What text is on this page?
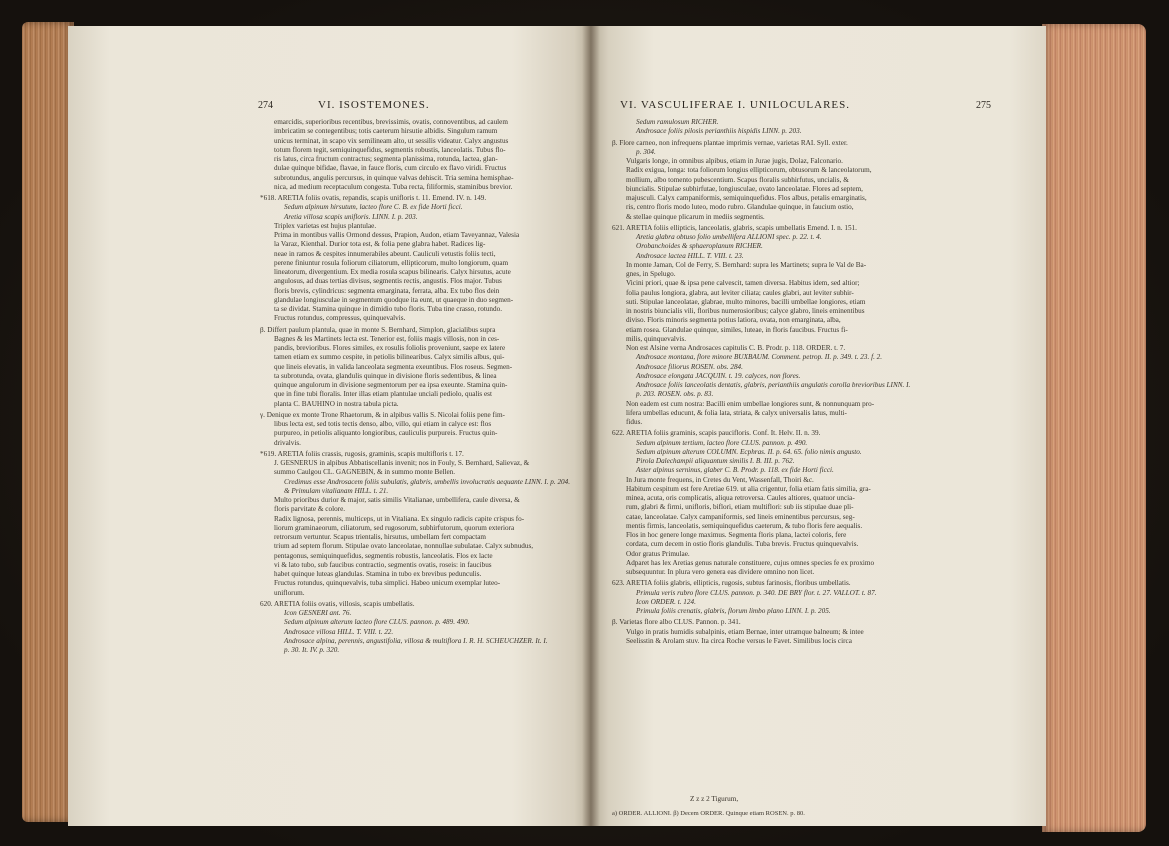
274	VI. ISOSTEMONES.

emarcidis, superioribus recentibus, brevissimis, ovatis, connoventibus, ad caulem

imbricatim se contegentibus; totis caeterum hirsutie albidis. Singulum ramum

unicus terminat, in scapo vix semilineam alto, ut sessilis videatur. Calyx angustus

totum florem tegit, semiquinquefidus, segmentis robustis, lanceolatis. Tubus flo-

ris latus, circa fructum contractus; segmenta planissima, rotunda, lactea, glan-

dulae quinque bifidae, flavae, in fauce floris, cum circulo ex flavo viridi. Fructus

subrotundus, angulis percursus, in quinque valvas dehiscit. Tria semina hemisphae-

nica, ad medium receptaculum congesta. Tuba recta, filiformis, staminibus brevior.

*618. ARETIA foliis ovatis, repandis, scapis unifloris t. 11. Emend. IV. n. 149.

Sedum alpinum hirsutum, lacteo flore C. B. ex fide Horti ficci.

Aretia villosa scapis unifloris. LINN. I. p. 203.

Triplex varietas est hujus plantulae.

Prima in montibus vallis Ormond dessus, Prapion, Audon, etiam Taveyannaz, Valesia

la Varaz, Kienthal. Durior tota est, & folia pene glabra habet. Radices lig-

neae in ramos & cespites innumerabiles abeunt. Cauliculi vetustis foliis tecti,

perene finiuntur rosula foliorum ciliatorum, ellipticorum, multo longiorum, quam

lineatorum, divergentium. Ex media rosula scapus bilinearis. Calyx hirsutus, acute

angulosus, ad duas tertias divisus, segmentis rectis, angustis. Flos major. Tubus

floris brevis, cylindricus: segmenta emarginata, ferrata, alba. Ex tubo flos dein

glandulae longiusculae in segmentum quodque ita eunt, ut quaeque in duo segmen-

ta se dividat. Stamina quinque in dimidio tubo floris. Tuba tine crasso, rotundo.

Fructus rotundus, compressus, quinquevalvis.

β. Differt paulum plantula, quae in monte S. Bernhard, Simplon, glacialibus supra

Bagnes & les Martinets lecta est. Tenerior est, foliis magis villosis, non in ces-

pandis, brevioribus. Flores similes, ex rosulis foliolis proveniunt, saepe ex latere

tamen etiam ex summo cespite, in petiolis bilinearibus. Calyx similis albus, qui-

que lineis elevatis, in valida lanceolata segmenta exeuntibus. Flos roseus. Segmen-

ta subrotunda, ovata, glandulis quinque in divisione floris sedentibus, & linea

quinque angulorum in divisione segmentorum per ea ipsa exeunte. Stamina quin-

que in fine tubi floralis. Inter illas etiam plantulae unciali pediolo, qualis est

planta C. BAUHINO in nostra tabula picta.

γ. Denique ex monte Trone Rhaetorum, & in alpibus vallis S. Nicolai foliis pene fim-

libus lecta est, sed totis tectis denso, albo, villo, qui etiam in calyce est: flos

purpureo, in petiolis aliquanto longioribus, cauliculis purpureis. Fructus quin-

drivalvis.

*619. ARETIA foliis crassis, rugosis, graminis, scapis multifloris t. 17.

J. GESNERUS in alpibus Abbatiscellanis invenit; nos in Fouly, S. Bernhard, Salievaz, &

summo Caulgou CL. GAGNEBIN, & in summo monte Bellen.

Credimus esse Androsacem foliis subulatis, glabris, umbellis involucratis aequante LINN. I. p. 204.

& Primulam vitalianam HILL. t. 21.

Multo prioribus durior & major, satis similis Vitalianae, umbellifera, caule diversa, &

floris parvitate & colore.

Radix lignosa, perennis, multiceps, ut in Vitaliana. Ex singulo radicis capite crispus fo-

liorum graminaeorum, ciliatorum, sed rugosorum, subhirfutorum, quorum exteriora

retrorsum vertuntur. Scapus trientalis, hirsutus, umbellam fert compactam

trium ad septem florum. Stipulae ovato lanceolatae, nonnullae subulatae. Calyx subnudus,

pentagonus, semiquinquefidus, segmentis robustis, lanceolatis. Flos ex lacte

vi & lato tubo, sub faucibus contractio, segmentis ovatis, roseis: in faucibus

habet quinque luteas glandulas. Stamina in tubo ex brevibus pedunculis.

Fructus rotundus, quinquevalvis, tuba simplici. Habeo unicum exemplar luteo-

uniflorum.

620. ARETIA foliis ovatis, villosis, scapis umbellatis.

Icon GESNERI ant. 76.

Sedum alpinum alterum lacteo flore CLUS. pannon. p. 489. 490.

Androsace villosa HILL. T. VIII. t. 22.

Androsace alpina, perennis, angustifolia, villosa & multiflora I. R. H. SCHEUCHZER. It. I.

p. 30. It. IV. p. 320.

VI. VASCULIFERAE I. UNILOCULARES.	275

Sedum ramulosum RICHER.

Androsace foliis pilosis perianthiis hispidis LINN. p. 203.

β. Flore carneo, non infrequens plantae imprimis vernae, varietas RAI. Syll. exter.

p. 304.

Vulgaris longe, in omnibus alpibus, etiam in Jurae jugis, Dolaz, Falconario.

Radix exigua, longa: tota foliorum longius ellipticorum, obtusorum & lanceolatorum,

mollium, albo tomento pubescentium. Scapus floralis subhirfutus, uncialis, &

biuncialis. Stipulae subhirfutae, longiusculae, ovato lanceolatae. Flores ad septem,

majusculi. Calyx campaniformis, semiquinquefidus. Flos albus, petalis emarginatis,

ris, centro floris modo luteo, modo rubro. Glandulae quinque, in faucium ostio,

& stellae quinque plicarum in mediis segmentis.

621. ARETIA foliis ellipticis, lanceolatis, glabris, scapis umbellatis Emend. I. n. 151.

Aretia glabra obtuso folio umbellifera ALLIONI spec. p. 22. t. 4.

Orobanchoides & sphaeroplanum RICHER.

Androsace lactea HILL. T. VIII. t. 23.

In monte Jaman, Col de Ferry, S. Bernhard: supra les Martinets; supra le Val de Ba-

gnes, in Spelugo.

Vicini priori, quae & ipsa pene calvescit, tamen diversa. Habitus idem, sed altior;

folia paulus longiora, glabra, aut leviter ciliata; caules glabri, aut leviter subhir-

suti. Stipulae lanceolatae, glabrae, multo minores, bacilli umbellae longiores, etiam

in nostris biuncialis vili, floribus numerosioribus; calyce glabro, lineis eminentibus

diviso. Floris minoris segmenta potius latiora, ovata, non emarginata, alba,

etiam rosea. Glandulae quinque, similes, luteae, in floris faucibus. Fructus fi-

milis, quinquevalvis.

Non est Alsine verna Androsaces capitulis C. B. Prodr. p. 118. ORDER. t. 7.

Androsace montana, flore minore BUXBAUM. Comment. petrop. II. p. 349. t. 23. f. 2.

Androsace filiorus ROSEN. obs. 284.

Androsace elongata JACQUIN. t. 19. calyces, non flores.

Androsace foliis lanceolatis dentatis, glabris, perianthiis angulatis corolla brevioribus LINN. I.

p. 203. ROSEN. obs. p. 83.

Non eadem est cum nostra: Bacilli enim umbellae longiores sunt, & nonnunquam pro-

lifera umbellas educunt, & folia lata, striata, & calyx universalis latus, multi-

fidus.

622. ARETIA foliis graminis, scapis paucifloris. Conf. It. Helv. II. n. 39.

Sedum alpinum tertium, lacteo flore CLUS. pannon. p. 490.

Sedum alpinum alterum COLUMN. Ecphras. II. p. 64. 65. folio nimis angusto.

Pirola Dalechampii aliquantum similis I. B. III. p. 762.

Aster alpinus serninus, glaber C. B. Prodr. p. 118. ex fide Horti ficci.

In Jura monte frequens, in Cretes du Vent, Wassenfall, Thoiri &c.

Habitum cespitum est fere Aretiae 619. ut alia crigentur, folia etiam fatis similia, gra-

minea, acuta, oris complicatis, aliqua retroversa. Caules altiores, quatuor uncia-

rum, glabri & firmi, unifloris, biflori, etiam multiflori: sub iis stipulae duae pli-

catae, lanceolatae. Calyx campaniformis, sed lineis eminentibus percursus, seg-

mentis firmis, lanceolatis, semiquinquefidus caeterum, & tubo floris fere aequalis.

Flos in hoc genere longe maximus. Segmenta floris plana, lactei coloris, fere

cordata, cum decem in ostio floris glandulis. Tuba brevis. Fructus quinquevalvis.

Odor gratus Primulae.

Adparet has lex Aretias genus naturale constituere, cujus omnes species fe ex proximo

subsequuntur. In plura vero genera eas dividere omnino non licet.

623. ARETIA foliis glabris, ellipticis, rugosis, subtus farinosis, floribus umbellatis.

Primula veris rubro flore CLUS. pannon. p. 340. DE BRY flor. t. 27. VALLOT. t. 87.

Icon ORDER. t. 124.

Primula foliis crenatis, glabris, florum limbo plano LINN. I. p. 205.

β. Varietas flore albo CLUS. Pannon. p. 341.

Vulgo in pratis humidis subalpinis, etiam Bernae, inter utramque balneum; & intee

Seelisstin & Arolam stuv. Ita circa Roche versus le Favet. Similibus locis circa

Z z z 2 Tigurum,
a) ORDER. ALLIONI. β) Decem ORDER. Quinque etiam ROSEN. p. 80.
